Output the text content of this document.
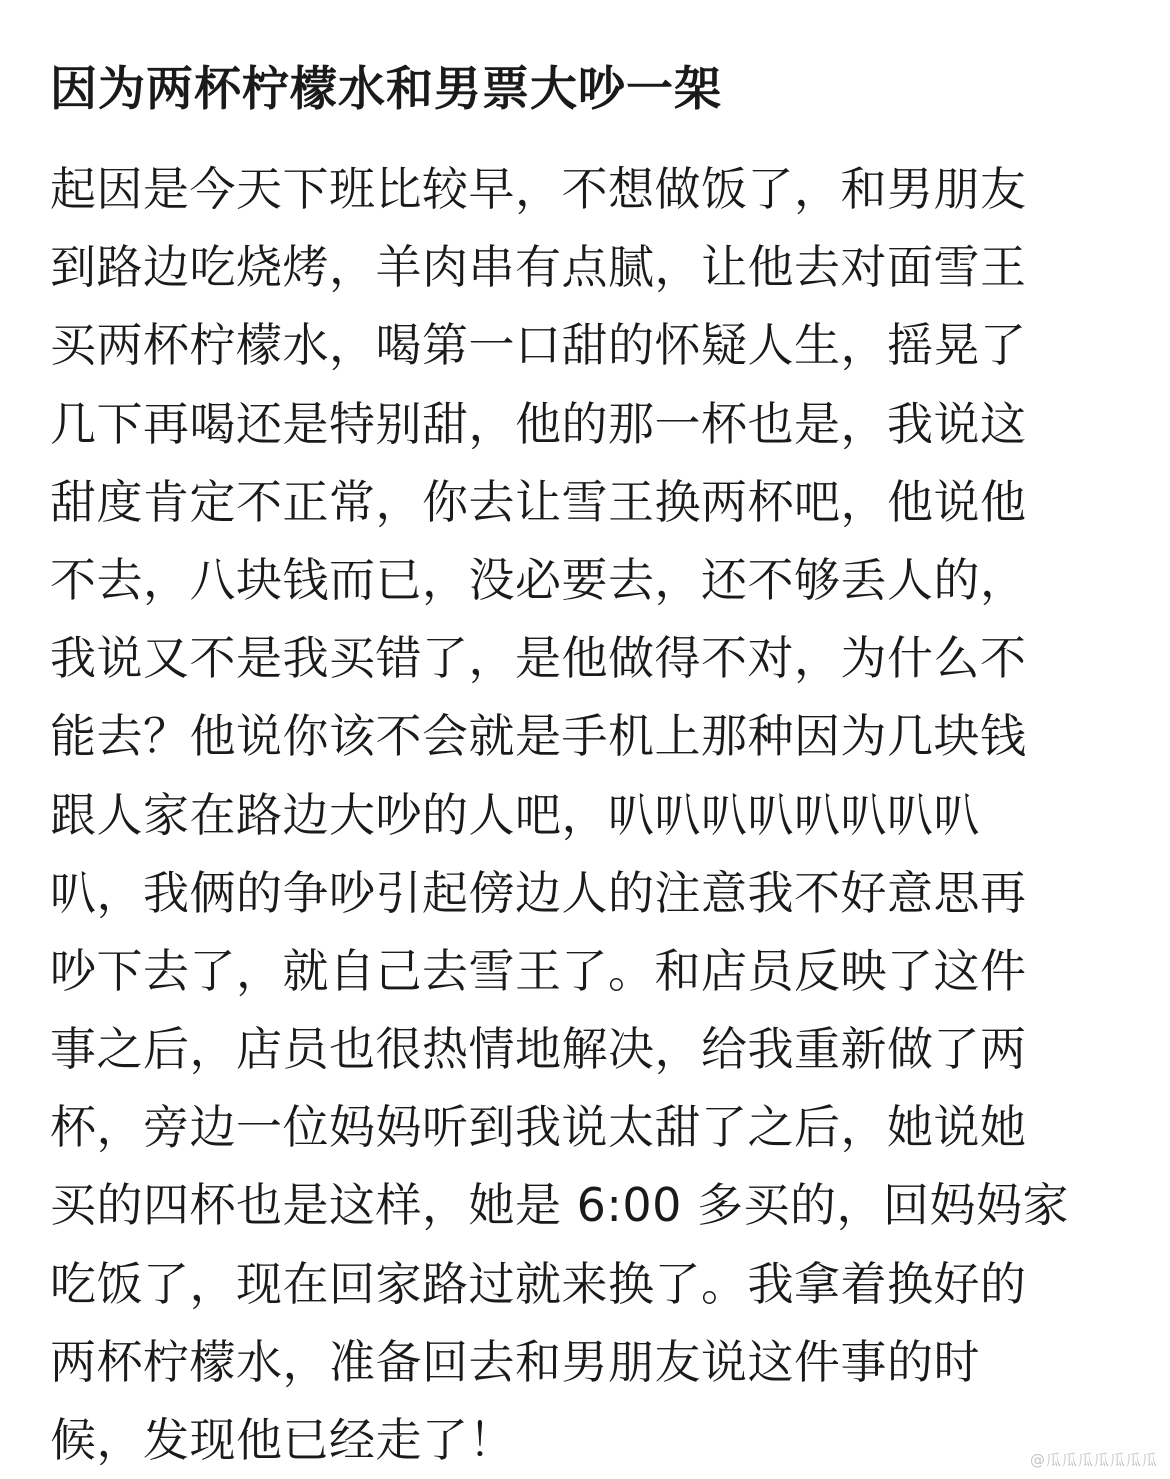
因为两杯柠檬水和男票大吵一架
起因是今天下班比较早，不想做饭了，和男朋友
到路边吃烧烤，羊肉串有点腻，让他去对面雪王
买两杯柠檬水，喝第一口甜的怀疑人生，摇晃了
几下再喝还是特别甜，他的那一杯也是，我说这
甜度肯定不正常，你去让雪王换两杯吧，他说他
不去，八块钱而已，没必要去，还不够丢人的，
我说又不是我买错了，是他做得不对，为什么不
能去？他说你该不会就是手机上那种因为几块钱
跟人家在路边大吵的人吧，叭叭叭叭叭叭叭叭
叭，我俩的争吵引起傍边人的注意我不好意思再
吵下去了，就自己去雪王了。和店员反映了这件
事之后，店员也很热情地解决，给我重新做了两
杯，旁边一位妈妈听到我说太甜了之后，她说她
买的四杯也是这样，她是 6:00 多买的，回妈妈家
吃饭了，现在回家路过就来换了。我拿着换好的
两杯柠檬水，准备回去和男朋友说这件事的时
候，发现他已经走了！	@瓜瓜瓜瓜瓜瓜瓜
